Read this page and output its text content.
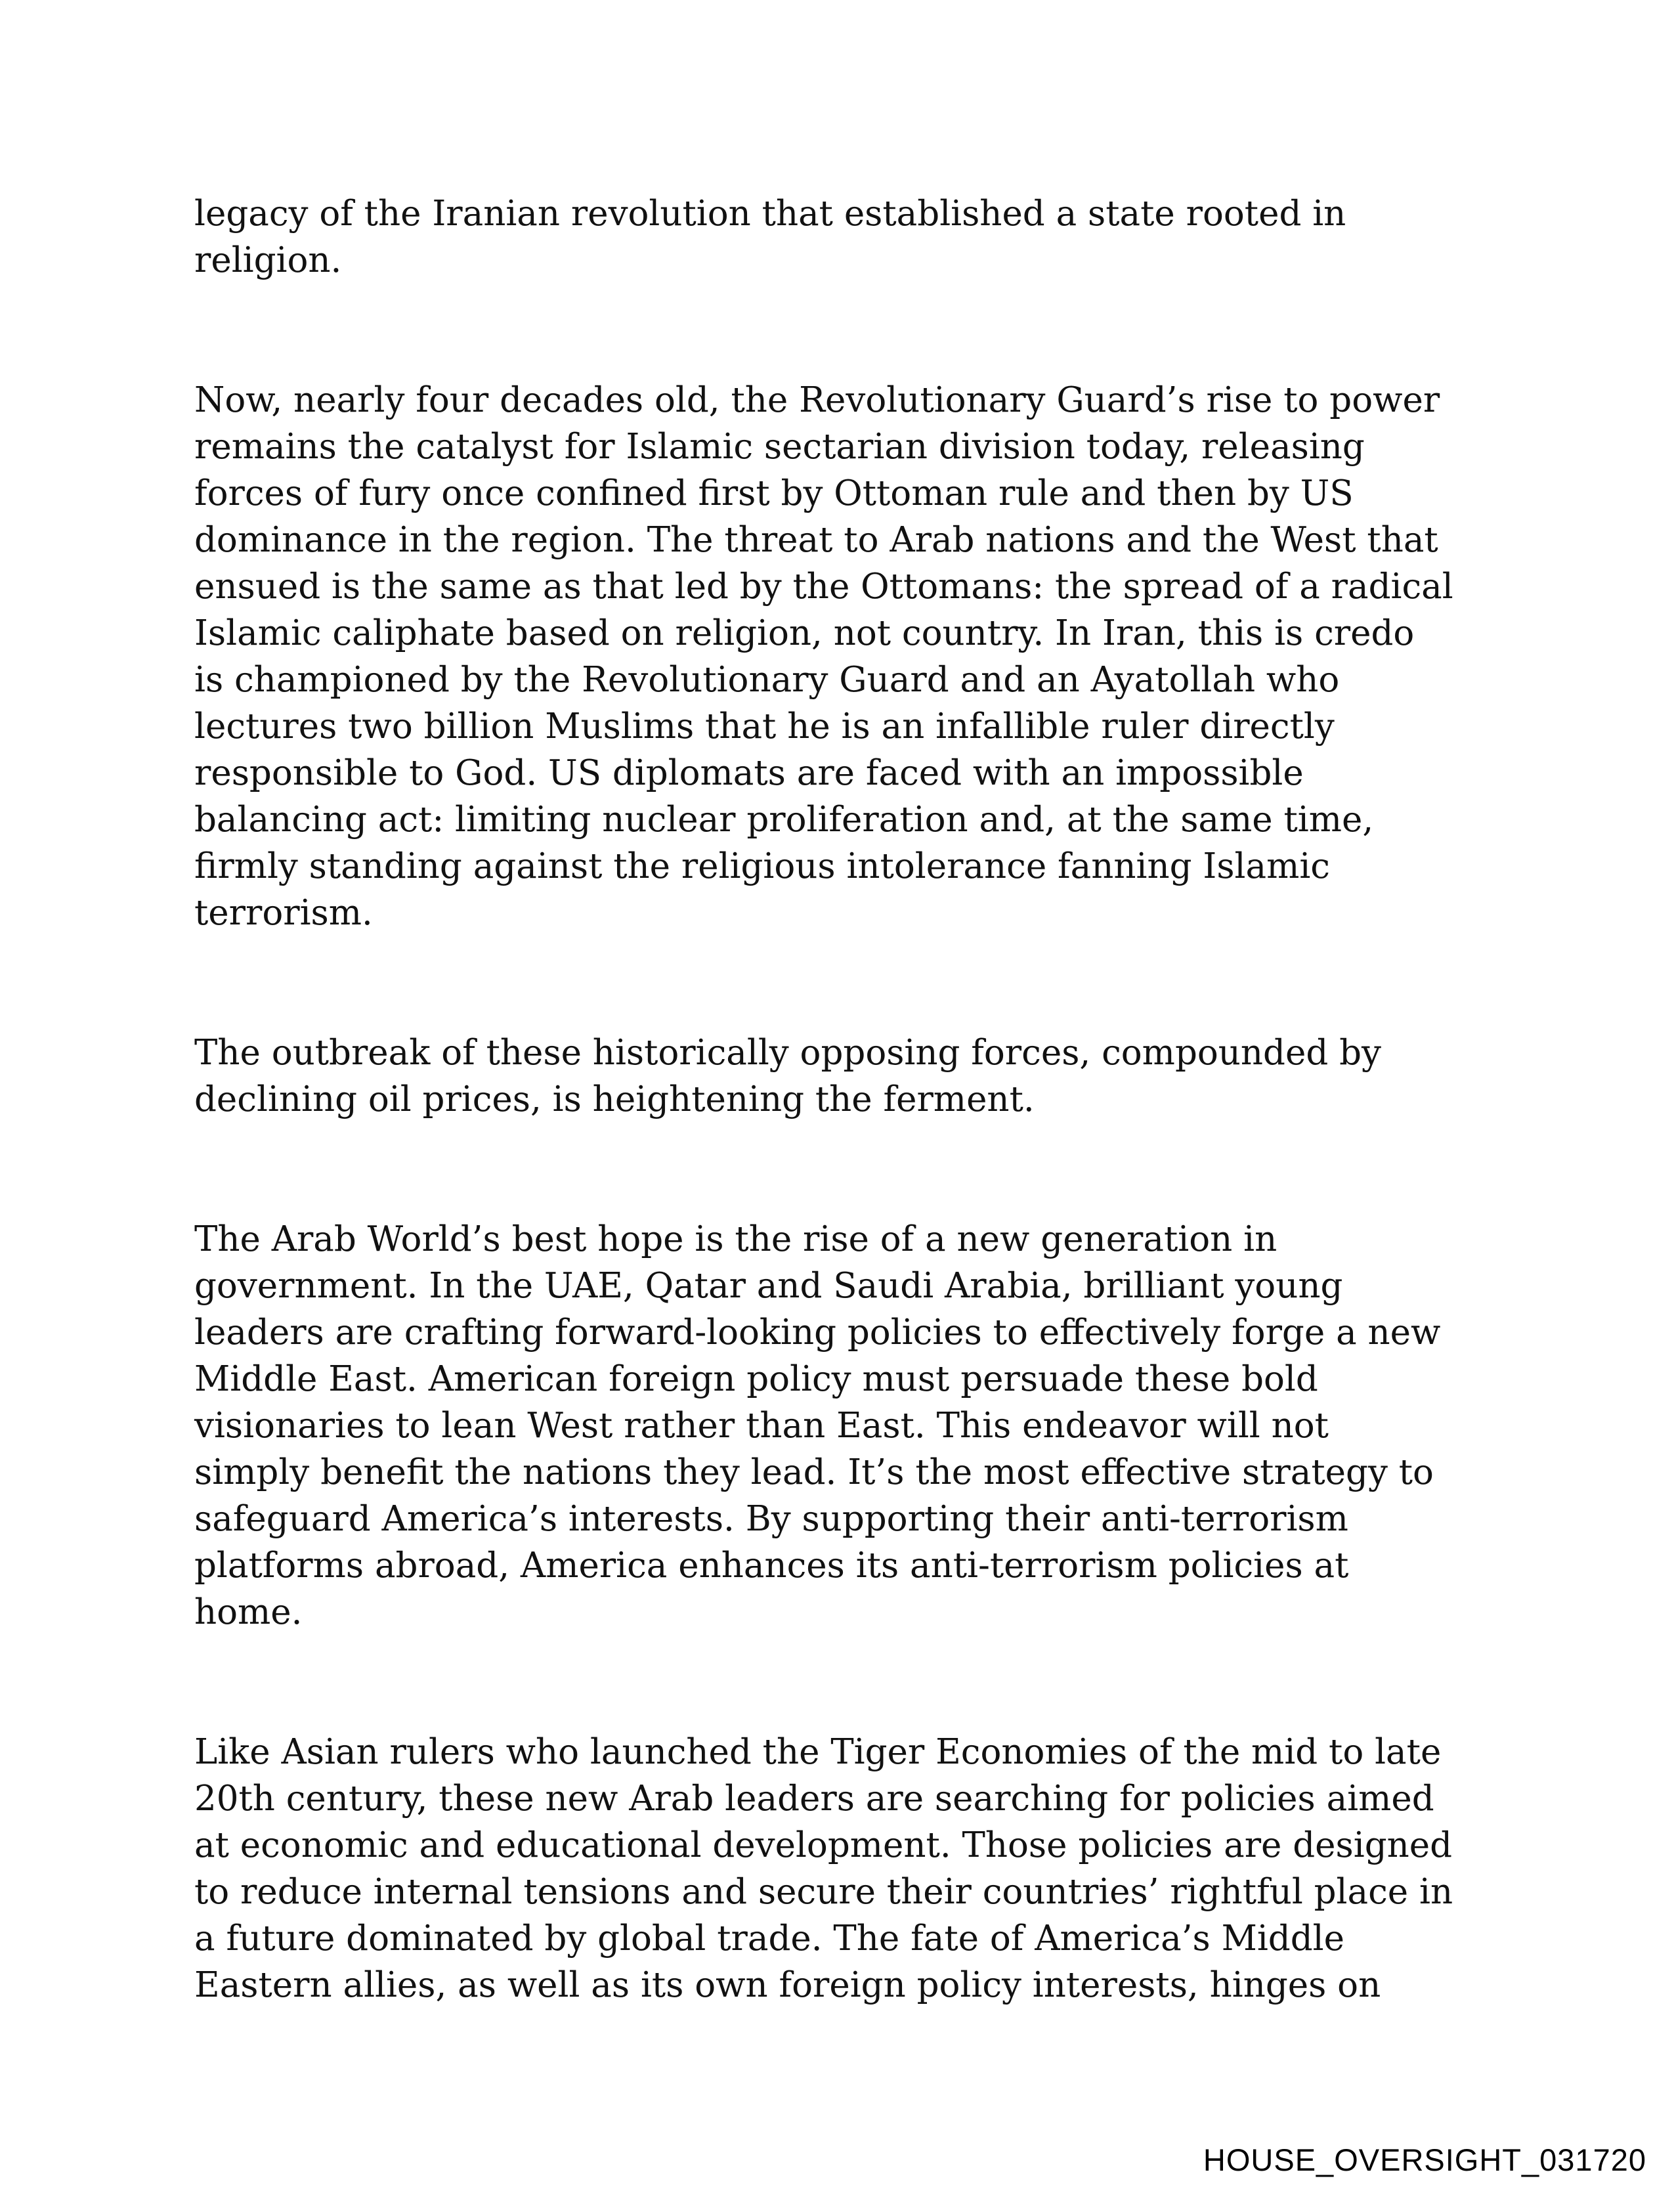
legacy of the Iranian revolution that established a state rooted in
religion.

Now, nearly four decades old, the Revolutionary Guard’s rise to power
remains the catalyst for Islamic sectarian division today, releasing
forces of fury once confined first by Ottoman rule and then by US
dominance in the region. The threat to Arab nations and the West that
ensued is the same as that led by the Ottomans: the spread of a radical
Islamic caliphate based on religion, not country. In Iran, this is credo
is championed by the Revolutionary Guard and an Ayatollah who
lectures two billion Muslims that he is an infallible ruler directly
responsible to God. US diplomats are faced with an impossible
balancing act: limiting nuclear proliferation and, at the same time,
firmly standing against the religious intolerance fanning Islamic
terrorism.

The outbreak of these historically opposing forces, compounded by
declining oil prices, is heightening the ferment.

The Arab World’s best hope is the rise of a new generation in
government. In the UAE, Qatar and Saudi Arabia, brilliant young
leaders are crafting forward-looking policies to effectively forge a new
Middle East. American foreign policy must persuade these bold
visionaries to lean West rather than East. This endeavor will not
simply benefit the nations they lead. It’s the most effective strategy to
safeguard America’s interests. By supporting their anti-terrorism
platforms abroad, America enhances its anti-terrorism policies at
home.

Like Asian rulers who launched the Tiger Economies of the mid to late
20th century, these new Arab leaders are searching for policies aimed
at economic and educational development. Those policies are designed
to reduce internal tensions and secure their countries’ rightful place in
a future dominated by global trade. The fate of America’s Middle
Eastern allies, as well as its own foreign policy interests, hinges on

HOUSE_OVERSIGHT_031720
